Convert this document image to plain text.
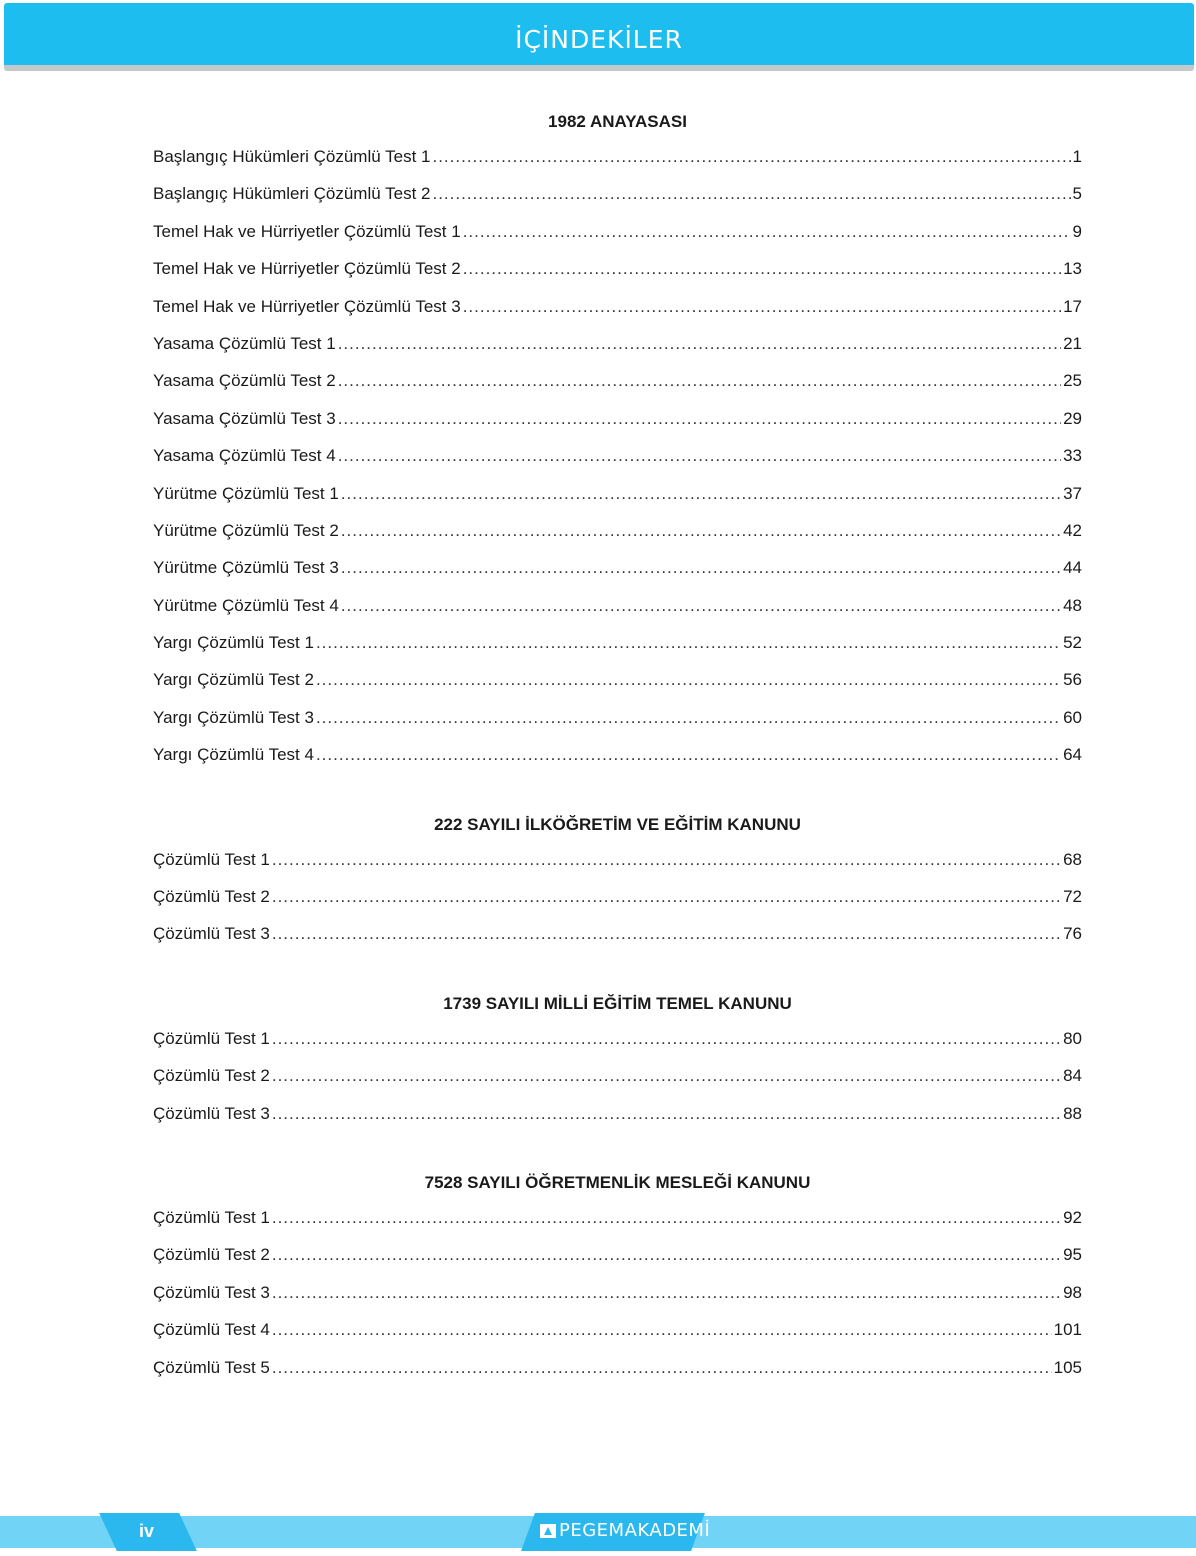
İÇİNDEKİLER
1982 ANAYASASI
Başlangıç Hükümleri Çözümlü Test 1 .....	1
Başlangıç Hükümleri Çözümlü Test 2 .....	5
Temel Hak ve Hürriyetler Çözümlü Test 1 .....	9
Temel Hak ve Hürriyetler Çözümlü Test 2 .....	13
Temel Hak ve Hürriyetler Çözümlü Test 3 .....	17
Yasama Çözümlü Test 1 .....	21
Yasama Çözümlü Test 2 .....	25
Yasama Çözümlü Test 3 .....	29
Yasama Çözümlü Test 4 .....	33
Yürütme Çözümlü Test 1 .....	37
Yürütme Çözümlü Test 2 .....	42
Yürütme Çözümlü Test 3 .....	44
Yürütme Çözümlü Test 4 .....	48
Yargı Çözümlü Test 1 .....	52
Yargı Çözümlü Test 2 .....	56
Yargı Çözümlü Test 3 .....	60
Yargı Çözümlü Test 4 .....	64
222 SAYILI İLKÖĞRETİM VE EĞİTİM KANUNU
Çözümlü Test 1 .....	68
Çözümlü Test 2 .....	72
Çözümlü Test 3 .....	76
1739 SAYILI MİLLİ EĞİTİM TEMEL KANUNU
Çözümlü Test 1 .....	80
Çözümlü Test 2 .....	84
Çözümlü Test 3 .....	88
7528 SAYILI ÖĞRETMENLİK MESLEĞİ KANUNU
Çözümlü Test 1 .....	92
Çözümlü Test 2 .....	95
Çözümlü Test 3 .....	98
Çözümlü Test 4 .....	101
Çözümlü Test 5 .....	105
iv	PEGEMAKADEMİ
